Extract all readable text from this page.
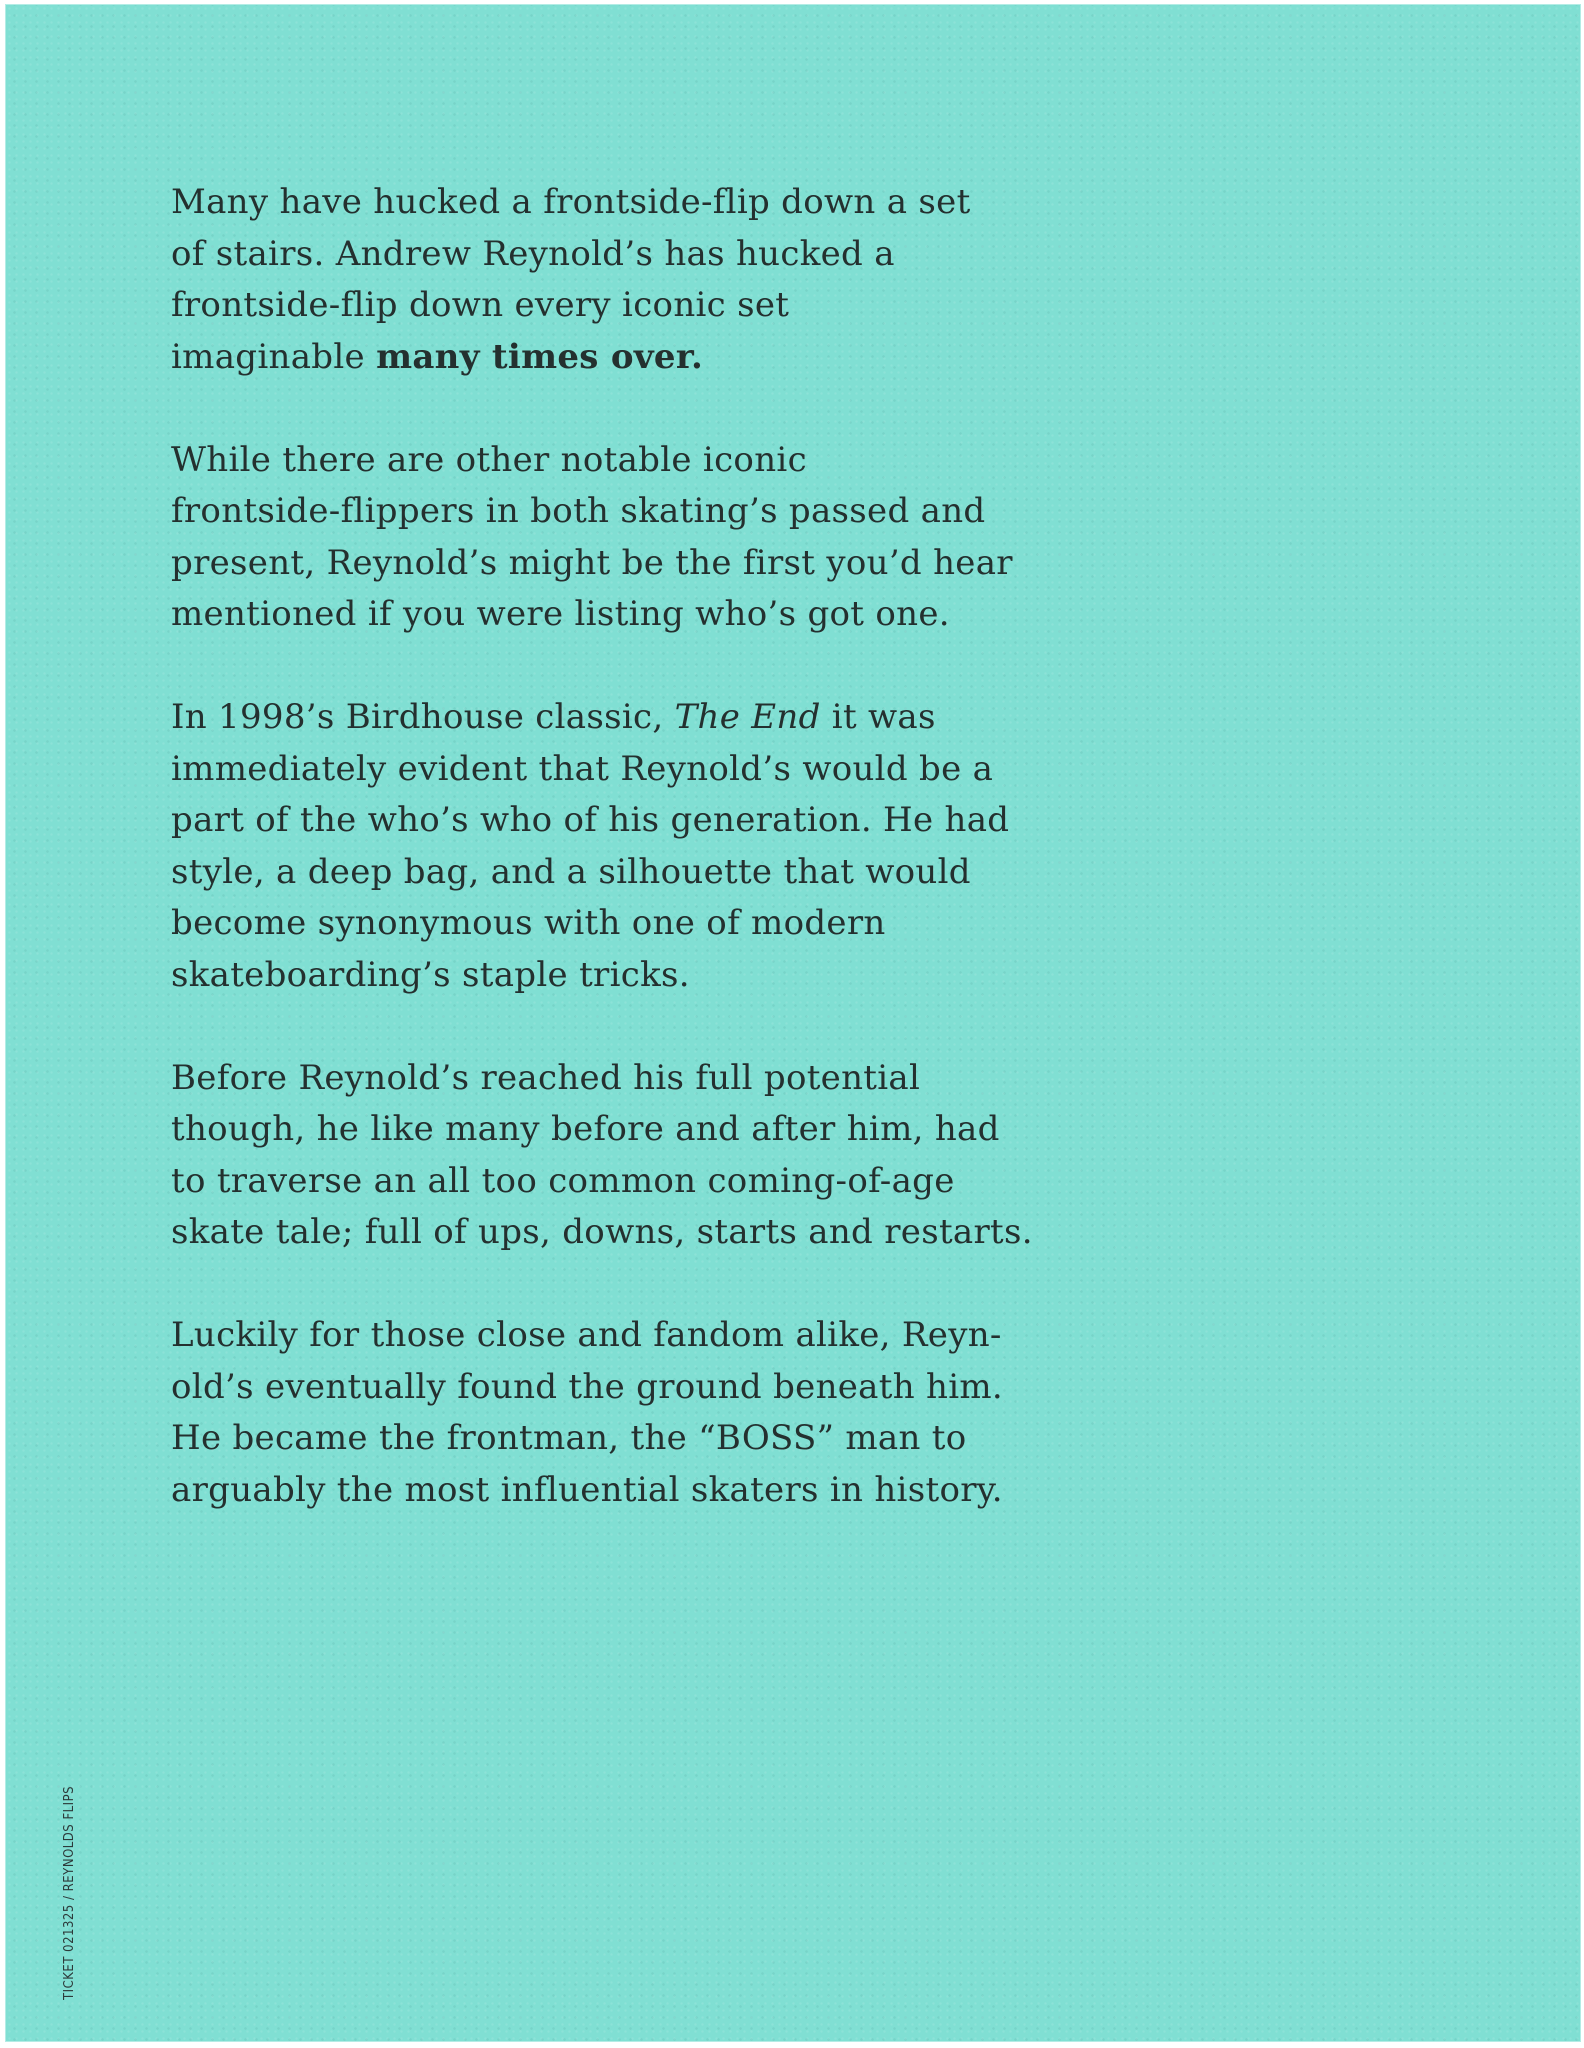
Many have hucked a frontside-flip down a set
of stairs. Andrew Reynold’s has hucked a
frontside-flip down every iconic set
imaginable many times over.

While there are other notable iconic
frontside-flippers in both skating’s passed and
present, Reynold’s might be the first you’d hear
mentioned if you were listing who’s got one.

In 1998’s Birdhouse classic, The End it was
immediately evident that Reynold’s would be a
part of the who’s who of his generation. He had
style, a deep bag, and a silhouette that would
become synonymous with one of modern
skateboarding’s staple tricks.

Before Reynold’s reached his full potential
though, he like many before and after him, had
to traverse an all too common coming-of-age
skate tale; full of ups, downs, starts and restarts.

Luckily for those close and fandom alike, Reyn-
old’s eventually found the ground beneath him.
He became the frontman, the “BOSS” man to
arguably the most influential skaters in history.

TICKET 021325 / REYNOLDS FLIPS
